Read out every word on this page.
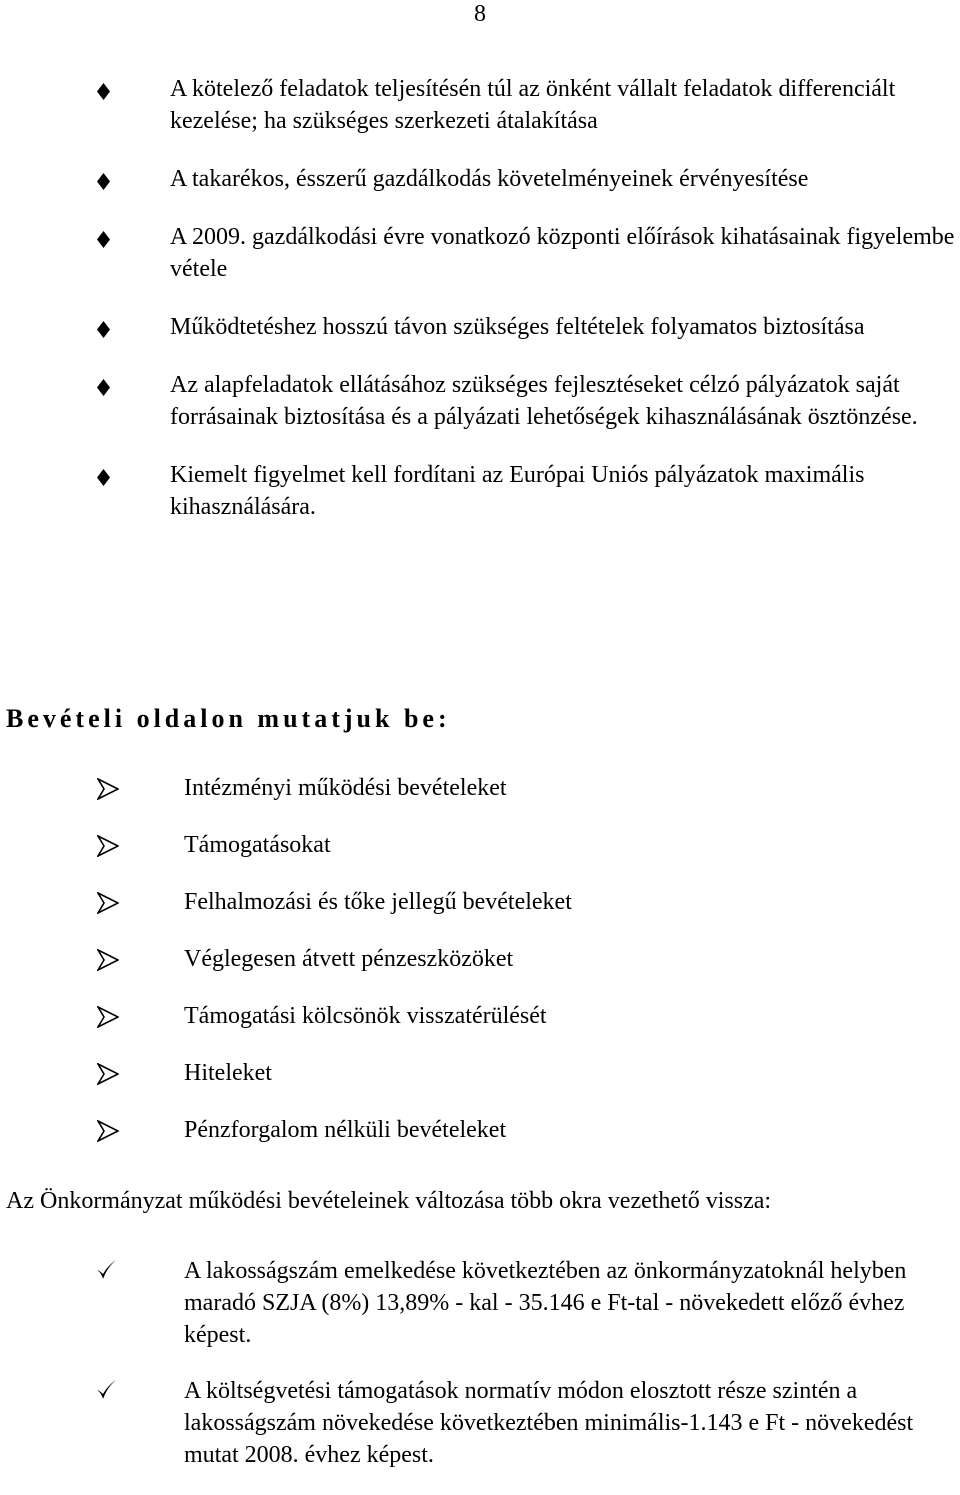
8
A kötelező feladatok teljesítésén túl az önként vállalt feladatok differenciált kezelése; ha szükséges szerkezeti átalakítása
A takarékos, ésszerű gazdálkodás követelményeinek érvényesítése
A 2009. gazdálkodási évre vonatkozó központi előírások kihatásainak figyelembe vétele
Működtetéshez hosszú távon szükséges feltételek folyamatos biztosítása
Az alapfeladatok ellátásához szükséges fejlesztéseket célzó pályázatok saját forrásainak biztosítása és a pályázati lehetőségek kihasználásának ösztönzése.
Kiemelt figyelmet kell fordítani az Európai Uniós pályázatok maximális kihasználására.
Bevételi oldalon mutatjuk be:
Intézményi működési bevételeket
Támogatásokat
Felhalmozási és tőke jellegű bevételeket
Véglegesen átvett pénzeszközöket
Támogatási kölcsönök visszatérülését
Hiteleket
Pénzforgalom nélküli bevételeket
Az Önkormányzat működési bevételeinek változása több okra vezethető vissza:
A lakosságszám emelkedése következtében az önkormányzatoknál helyben maradó SZJA (8%) 13,89% - kal - 35.146 e Ft-tal - növekedett előző évhez képest.
A költségvetési támogatások normatív módon elosztott része szintén a lakosságszám növekedése következtében minimális-1.143 e Ft - növekedést mutat 2008. évhez képest.
